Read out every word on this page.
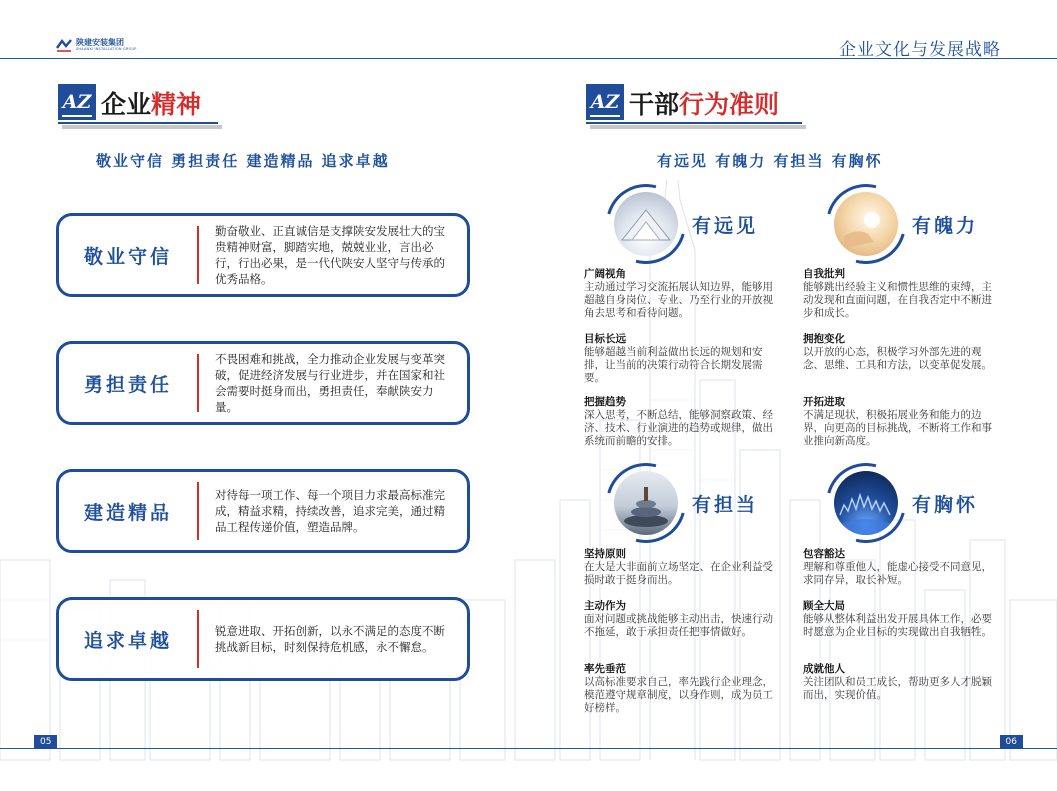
陕建安装集团
SHAANXI INSTALLATION GROUP	企业文化与发展战略
AZ 企业精神
敬业守信 勇担责任 建造精品 追求卓越
敬业守信
勤奋敬业、正直诚信是支撑陕安发展壮大的宝贵精神财富，脚踏实地，兢兢业业，言出必行，行出必果，是一代代陕安人坚守与传承的优秀品格。
勇担责任
不畏困难和挑战，全力推动企业发展与变革突破，促进经济发展与行业进步，并在国家和社会需要时挺身而出，勇担责任，奉献陕安力量。
建造精品
对待每一项工作、每一个项目力求最高标准完成，精益求精，持续改善，追求完美，通过精品工程传递价值，塑造品牌。
追求卓越	锐意进取、开拓创新，以永不满足的态度不断挑战新目标，时刻保持危机感，永不懈怠。
AZ 干部行为准则
有远见 有魄力 有担当 有胸怀
有远见	有魄力
有担当	有胸怀
广阔视角
主动通过学习交流拓展认知边界，能够用超越自身岗位、专业、乃至行业的开放视角去思考和看待问题。
目标长远
能够超越当前利益做出长远的规划和安排，让当前的决策行动符合长期发展需要。
把握趋势
深入思考，不断总结，能够洞察政策、经济、技术、行业演进的趋势或规律，做出系统而前瞻的安排。
自我批判
能够跳出经验主义和惯性思维的束缚，主动发现和直面问题，在自我否定中不断进步和成长。
拥抱变化
以开放的心态，积极学习外部先进的观念、思维、工具和方法，以变革促发展。
开拓进取
不满足现状，积极拓展业务和能力的边界，向更高的目标挑战，不断将工作和事业推向新高度。
坚持原则
在大是大非面前立场坚定、在企业利益受损时敢于挺身而出。
主动作为
面对问题或挑战能够主动出击，快速行动不拖延，敢于承担责任把事情做好。
率先垂范
以高标准要求自己，率先践行企业理念，模范遵守规章制度，以身作则，成为员工好榜样。
包容豁达
理解和尊重他人，能虚心接受不同意见，求同存异，取长补短。
顾全大局
能够从整体利益出发开展具体工作，必要时愿意为企业目标的实现做出自我牺牲。
成就他人
关注团队和员工成长，帮助更多人才脱颖而出，实现价值。
05	06
